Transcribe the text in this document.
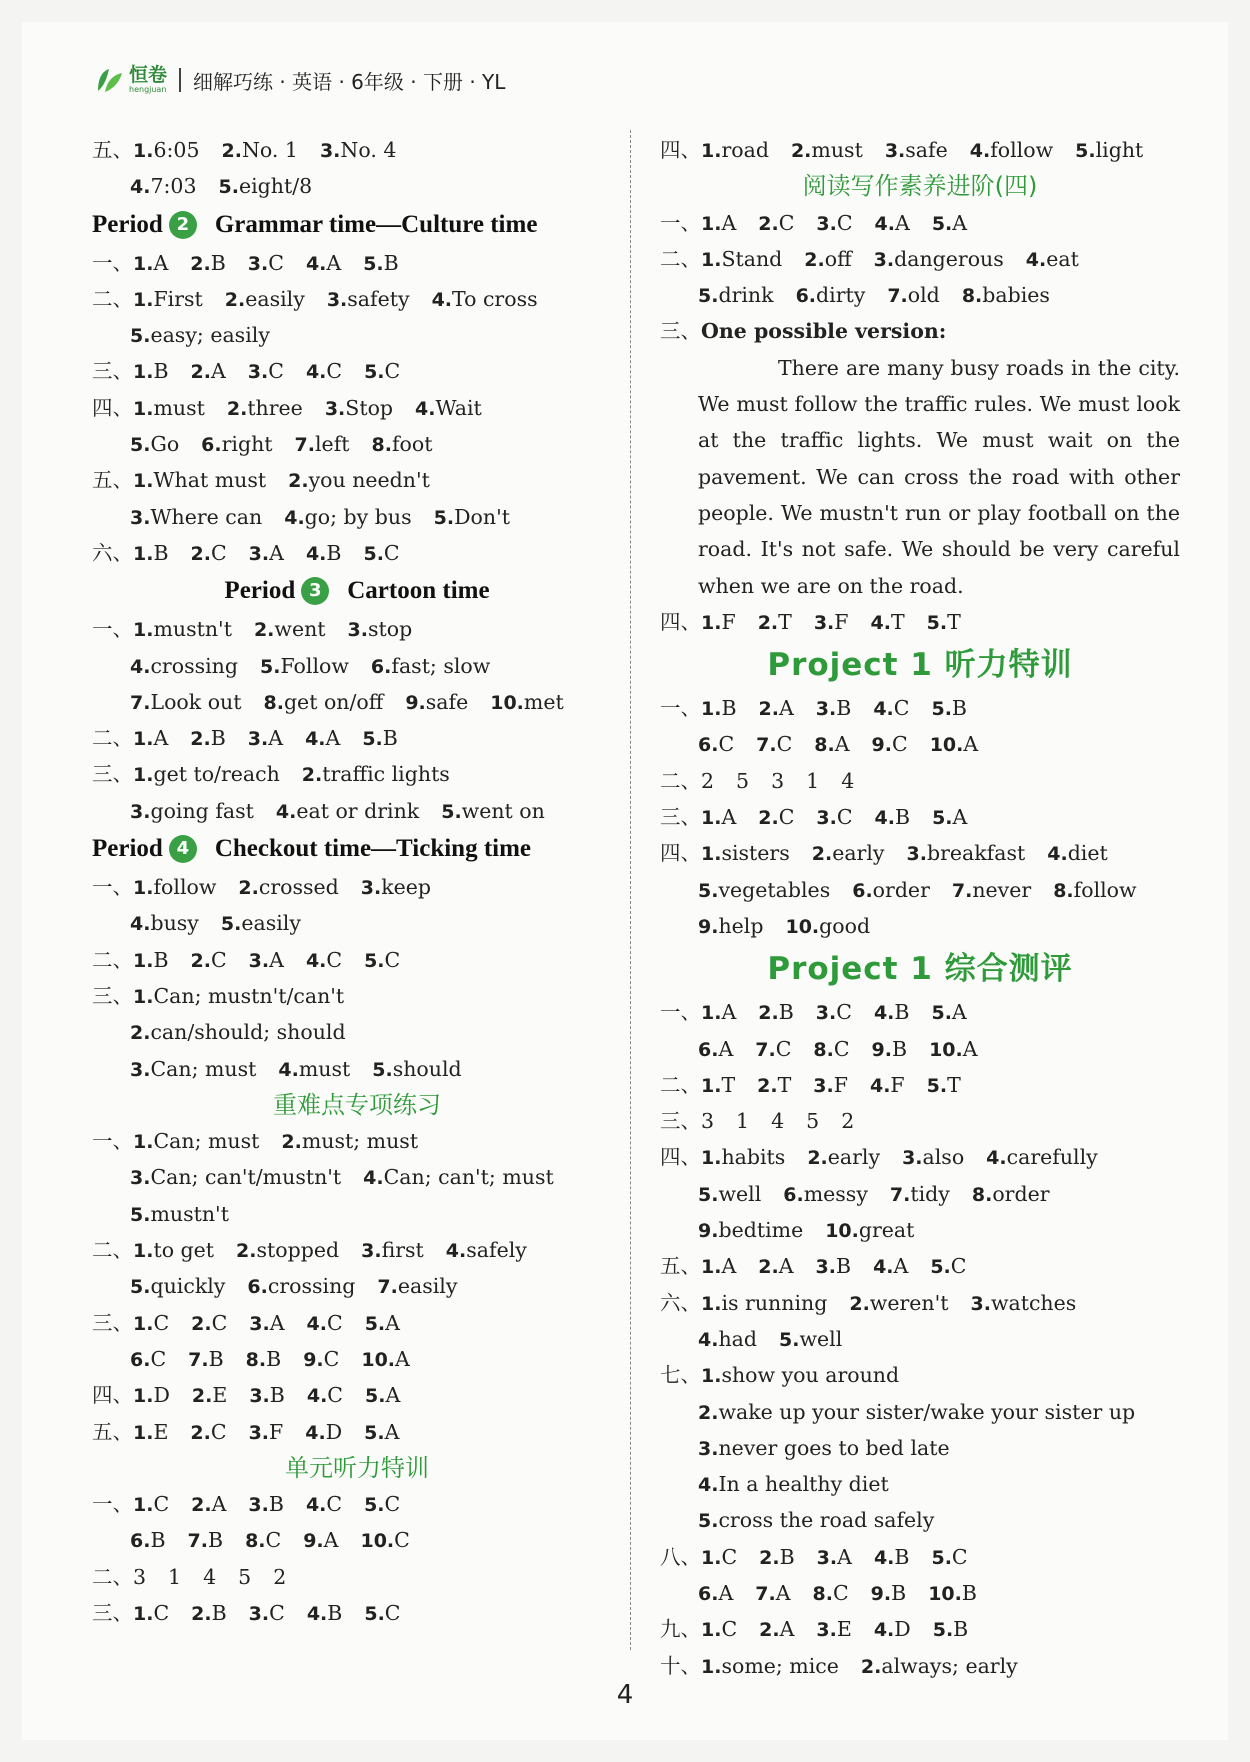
恒卷
hengjuan 细解巧练 · 英语 · 6年级 · 下册 · YL
五、1.6:05 2.No. 1 3.No. 4
4.7:03 5.eight/8
Period 2 Grammar time—Culture time
一、1.A 2.B 3.C 4.A 5.B
二、1.First 2.easily 3.safety 4.To cross
5.easy; easily
三、1.B 2.A 3.C 4.C 5.C
四、1.must 2.three 3.Stop 4.Wait
5.Go 6.right 7.left 8.foot
五、1.What must 2.you needn't
3.Where can 4.go; by bus 5.Don't
六、1.B 2.C 3.A 4.B 5.C
Period 3 Cartoon time
一、1.mustn't 2.went 3.stop
4.crossing 5.Follow 6.fast; slow
7.Look out 8.get on/off 9.safe 10.met
二、1.A 2.B 3.A 4.A 5.B
三、1.get to/reach 2.traffic lights
3.going fast 4.eat or drink 5.went on
Period 4 Checkout time—Ticking time
一、1.follow 2.crossed 3.keep
4.busy 5.easily
二、1.B 2.C 3.A 4.C 5.C
三、1.Can; mustn't/can't
2.can/should; should
3.Can; must 4.must 5.should
重难点专项练习
一、1.Can; must 2.must; must
3.Can; can't/mustn't 4.Can; can't; must
5.mustn't
二、1.to get 2.stopped 3.first 4.safely
5.quickly 6.crossing 7.easily
三、1.C 2.C 3.A 4.C 5.A
6.C 7.B 8.B 9.C 10.A
四、1.D 2.E 3.B 4.C 5.A
五、1.E 2.C 3.F 4.D 5.A
单元听力特训
一、1.C 2.A 3.B 4.C 5.C
6.B 7.B 8.C 9.A 10.C
二、3 1 4 5 2
三、1.C 2.B 3.C 4.B 5.C
四、1.road 2.must 3.safe 4.follow 5.light
阅读写作素养进阶(四)
一、1.A 2.C 3.C 4.A 5.A
二、1.Stand 2.off 3.dangerous 4.eat
5.drink 6.dirty 7.old 8.babies
三、One possible version:
There are many busy roads in the city. We must follow the traffic rules. We must look at the traffic lights. We must wait on the pavement. We can cross the road with other people. We mustn't run or play football on the road. It's not safe. We should be very careful when we are on the road.
四、1.F 2.T 3.F 4.T 5.T
Project 1 听力特训
一、1.B 2.A 3.B 4.C 5.B
6.C 7.C 8.A 9.C 10.A
二、2 5 3 1 4
三、1.A 2.C 3.C 4.B 5.A
四、1.sisters 2.early 3.breakfast 4.diet
5.vegetables 6.order 7.never 8.follow
9.help 10.good
Project 1 综合测评
一、1.A 2.B 3.C 4.B 5.A
6.A 7.C 8.C 9.B 10.A
二、1.T 2.T 3.F 4.F 5.T
三、3 1 4 5 2
四、1.habits 2.early 3.also 4.carefully
5.well 6.messy 7.tidy 8.order
9.bedtime 10.great
五、1.A 2.A 3.B 4.A 5.C
六、1.is running 2.weren't 3.watches
4.had 5.well
七、1.show you around
2.wake up your sister/wake your sister up
3.never goes to bed late
4.In a healthy diet
5.cross the road safely
八、1.C 2.B 3.A 4.B 5.C
6.A 7.A 8.C 9.B 10.B
九、1.C 2.A 3.E 4.D 5.B
十、1.some; mice 2.always; early
4
